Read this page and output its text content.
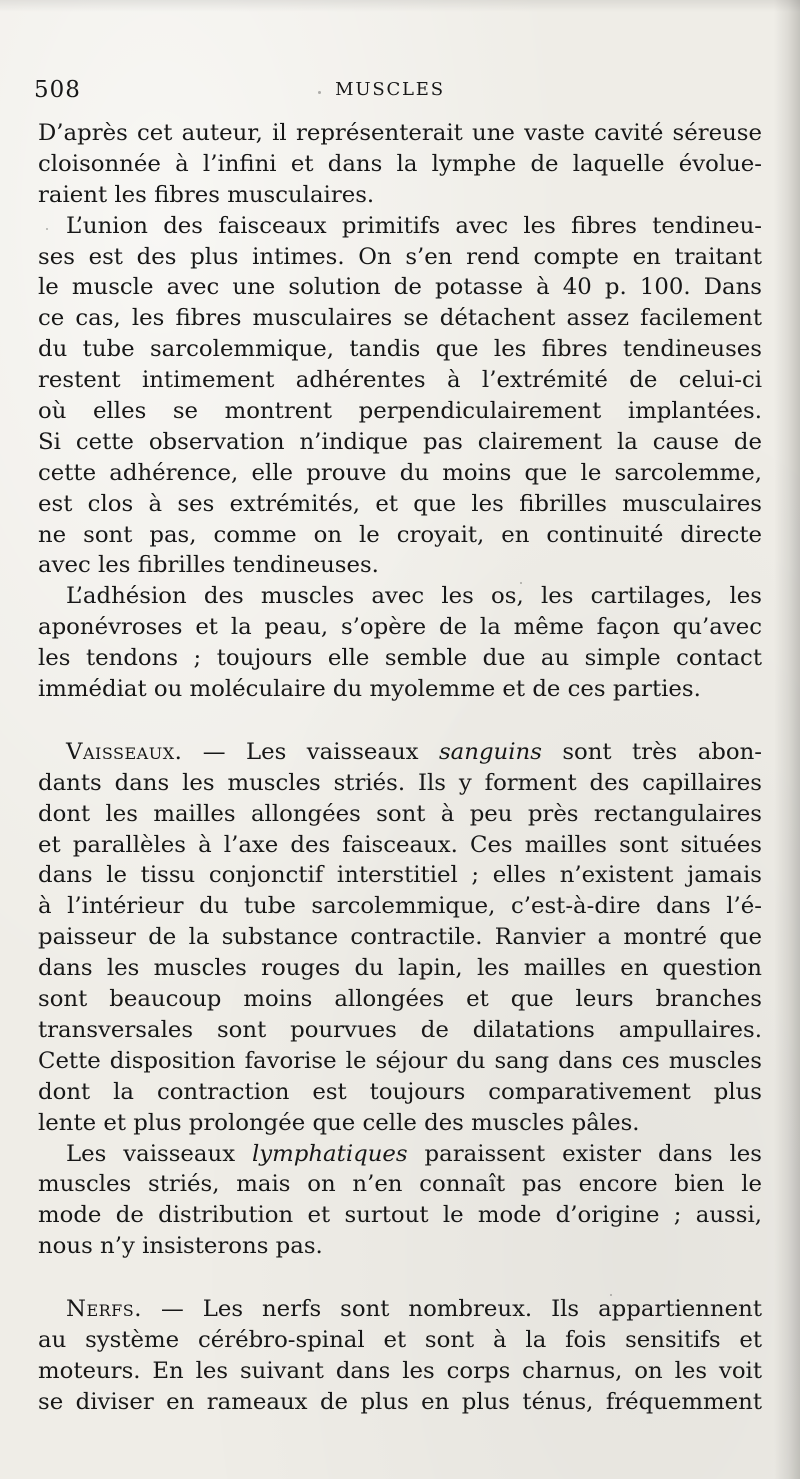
508	MUSCLES
D’après cet auteur, il représenterait une vaste cavité séreuse
cloisonnée à l’infini et dans la lymphe de laquelle évolue-
raient les fibres musculaires.
L’union des faisceaux primitifs avec les fibres tendineu-
ses est des plus intimes. On s’en rend compte en traitant
le muscle avec une solution de potasse à 40 p. 100. Dans
ce cas, les fibres musculaires se détachent assez facilement
du tube sarcolemmique, tandis que les fibres tendineuses
restent intimement adhérentes à l’extrémité de celui-ci
où elles se montrent perpendiculairement implantées.
Si cette observation n’indique pas clairement la cause de
cette adhérence, elle prouve du moins que le sarcolemme,
est clos à ses extrémités, et que les fibrilles musculaires
ne sont pas, comme on le croyait, en continuité directe
avec les fibrilles tendineuses.
L’adhésion des muscles avec les os, les cartilages, les
aponévroses et la peau, s’opère de la même façon qu’avec
les tendons ; toujours elle semble due au simple contact
immédiat ou moléculaire du myolemme et de ces parties.
Vaisseaux. — Les vaisseaux sanguins sont très abon-
dants dans les muscles striés. Ils y forment des capillaires
dont les mailles allongées sont à peu près rectangulaires
et parallèles à l’axe des faisceaux. Ces mailles sont situées
dans le tissu conjonctif interstitiel ; elles n’existent jamais
à l’intérieur du tube sarcolemmique, c’est-à-dire dans l’é-
paisseur de la substance contractile. Ranvier a montré que
dans les muscles rouges du lapin, les mailles en question
sont beaucoup moins allongées et que leurs branches
transversales sont pourvues de dilatations ampullaires.
Cette disposition favorise le séjour du sang dans ces muscles
dont la contraction est toujours comparativement plus
lente et plus prolongée que celle des muscles pâles.
Les vaisseaux lymphatiques paraissent exister dans les
muscles striés, mais on n’en connaît pas encore bien le
mode de distribution et surtout le mode d’origine ; aussi,
nous n’y insisterons pas.
Nerfs. — Les nerfs sont nombreux. Ils appartiennent
au système cérébro-spinal et sont à la fois sensitifs et
moteurs. En les suivant dans les corps charnus, on les voit
se diviser en rameaux de plus en plus ténus, fréquemment
